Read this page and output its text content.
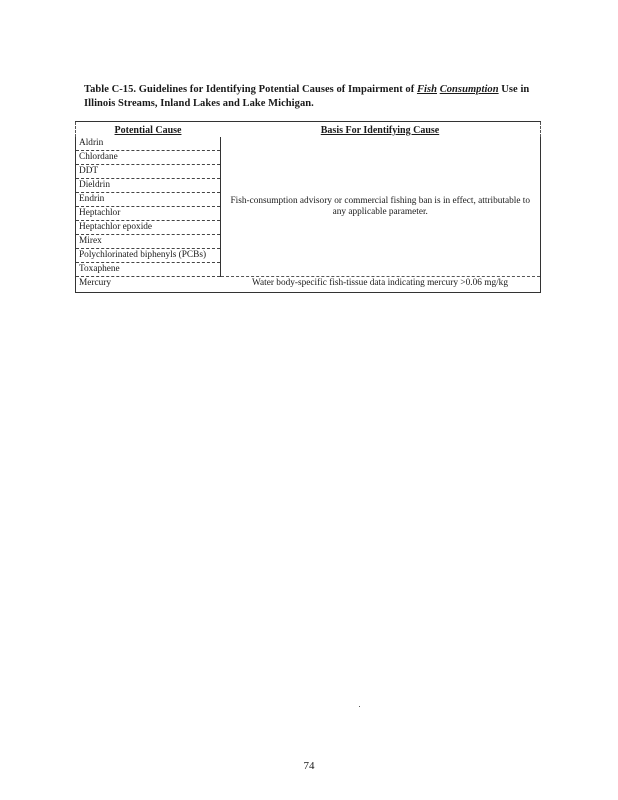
Table C-15. Guidelines for Identifying Potential Causes of Impairment of Fish Consumption Use in Illinois Streams, Inland Lakes and Lake Michigan.
Potential Cause	Basis For Identifying Cause
Aldrin	Fish-consumption advisory or commercial fishing ban is in effect, attributable to any applicable parameter.
Chlordane	
DDT	
Dieldrin	
Endrin	
Heptachlor	
Heptachlor epoxide	
Mirex	
Polychlorinated biphenyls (PCBs)	
Toxaphene	
Mercury	Water body-specific fish-tissue data indicating mercury >0.06 mg/kg
74
